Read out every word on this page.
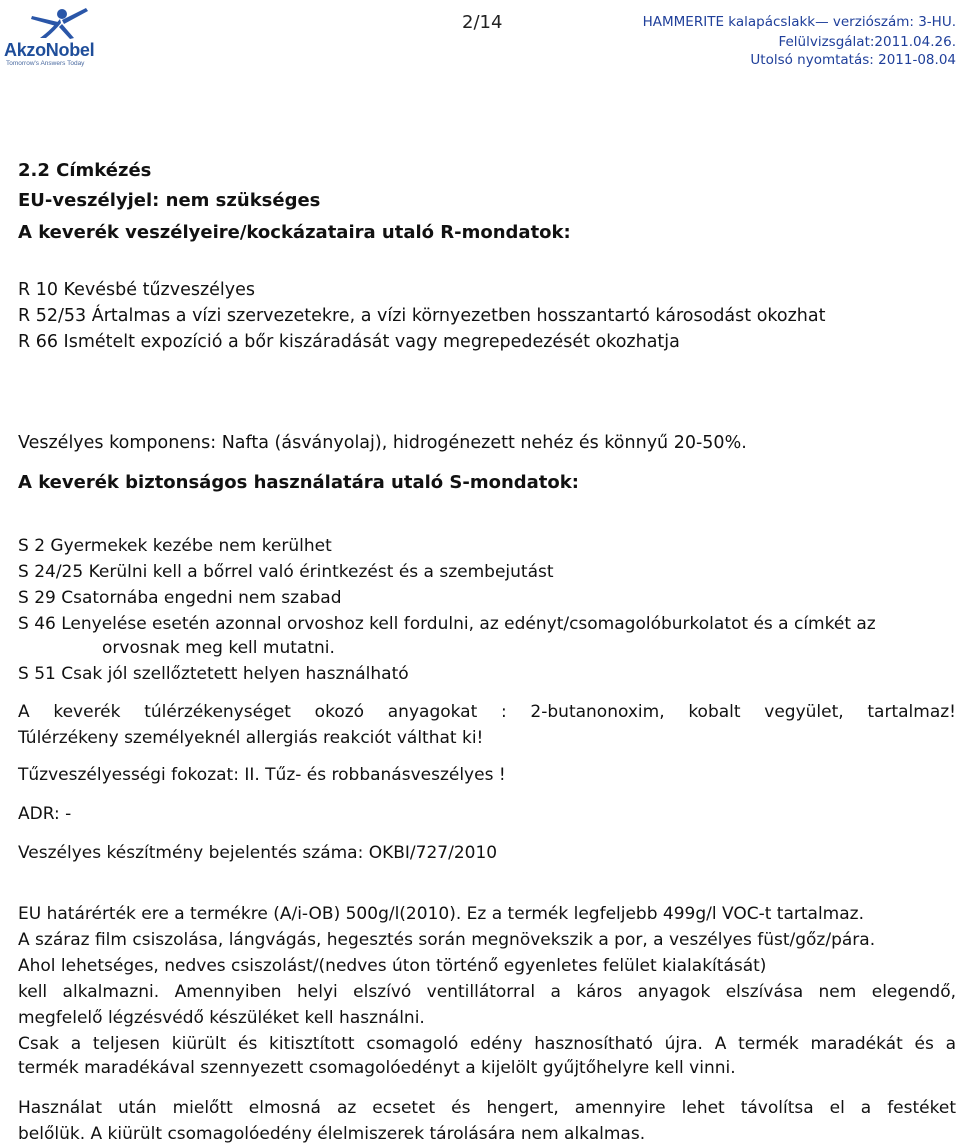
AkzoNobel
Tomorrow's Answers Today
2/14	HAMMERITE kalapácslakk— verziószám: 3-HU.
Felülvizsgálat:2011.04.26.
Utolsó nyomtatás: 2011-08.04
2.2 Címkézés
EU-veszélyjel: nem szükséges
A keverék veszélyeire/kockázataira utaló R-mondatok:
R 10 Kevésbé tűzveszélyes
R 52/53 Ártalmas a vízi szervezetekre, a vízi környezetben hosszantartó károsodást okozhat
R 66 Ismételt expozíció a bőr kiszáradását vagy megrepedezését okozhatja
Veszélyes komponens: Nafta (ásványolaj), hidrogénezett nehéz és könnyű 20-50%.
A keverék biztonságos használatára utaló S-mondatok:
S 2 Gyermekek kezébe nem kerülhet
S 24/25 Kerülni kell a bőrrel való érintkezést és a szembejutást
S 29 Csatornába engedni nem szabad
S 46 Lenyelése esetén azonnal orvoshoz kell fordulni, az edényt/csomagolóburkolatot és a címkét az
orvosnak meg kell mutatni.
S 51 Csak jól szellőztetett helyen használható
A keverék túlérzékenységet okozó anyagokat : 2-butanonoxim, kobalt vegyület, tartalmaz!
Túlérzékeny személyeknél allergiás reakciót válthat ki!
Tűzveszélyességi fokozat: II. Tűz- és robbanásveszélyes !
ADR: -
Veszélyes készítmény bejelentés száma: OKBI/727/2010
EU határérték ere a termékre (A/i-OB) 500g/l(2010). Ez a termék legfeljebb 499g/l VOC-t tartalmaz.
A száraz film csiszolása, lángvágás, hegesztés során megnövekszik a por, a veszélyes füst/gőz/pára.
Ahol lehetséges, nedves csiszolást/(nedves úton történő egyenletes felület kialakítását)
kell alkalmazni. Amennyiben helyi elszívó ventillátorral a káros anyagok elszívása nem elegendő,
megfelelő légzésvédő készüléket kell használni.
Csak a teljesen kiürült és kitisztított csomagoló edény hasznosítható újra. A termék maradékát és a
termék maradékával szennyezett csomagolóedényt a kijelölt gyűjtőhelyre kell vinni.
Használat után mielőtt elmosná az ecsetet és hengert, amennyire lehet távolítsa el a festéket
belőlük. A kiürült csomagolóedény élelmiszerek tárolására nem alkalmas.
